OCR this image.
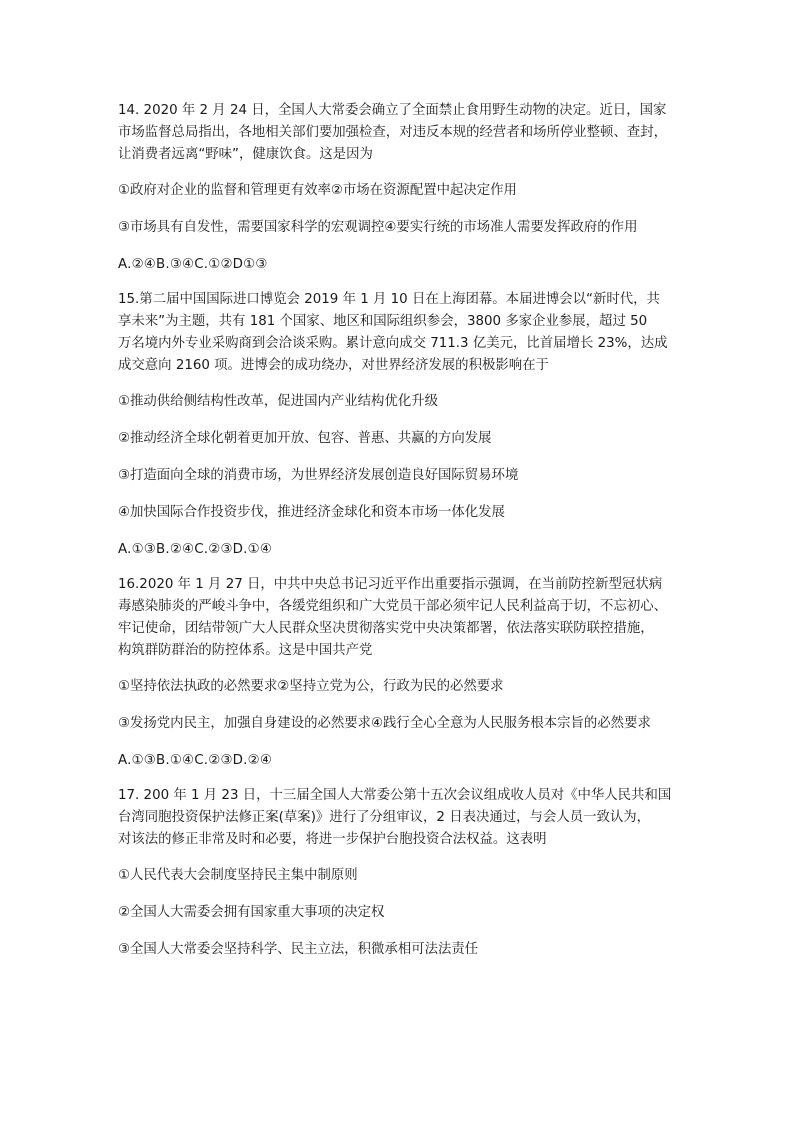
14. 2020 年 2 月 24 日，全国人大常委会确立了全面禁止食用野生动物的决定。近日，国家
市场监督总局指出，各地相关部们要加强检查，对违反本规的经营者和场所停业整顿、查封，
让消费者远离“野味”，健康饮食。这是因为

①政府对企业的监督和管理更有效率②市场在资源配置中起决定作用

③市场具有自发性，需要国家科学的宏观调控④要实行统的市场准人需要发挥政府的作用

A.②④B.③④C.①②D①③

15.第二届中国国际进口博览会 2019 年 1 月 10 日在上海团幕。本届进博会以“新时代，共
享未来”为主题，共有 181 个国家、地区和国际组织参会，3800 多家企业参展，超过 50
万名境内外专业采购商到会洽谈采购。累计意向成交 711.3 亿美元，比首届增长 23%，达成
成交意向 2160 项。进博会的成功绕办，对世界经济发展的积极影响在于

①推动供给侧结构性改革，促进国内产业结构优化升级

②推动经济全球化朝着更加开放、包容、普惠、共赢的方向发展

③打造面向全球的消费市场，为世界经济发展创造良好国际贸易环境

④加快国际合作投资步伐，推进经济金球化和资本市场一体化发展

A.①③B.②④C.②③D.①④

16.2020 年 1 月 27 日，中共中央总书记习近平作出重要指示强调，在当前防控新型冠状病
毒感染肺炎的严峻斗争中，各缓党组织和广大党员干部必须牢记人民利益高于切，不忘初心、
牢记使命，团结带领广大人民群众坚决贯彻落实党中央决策都署，依法落实联防联控措施，
构筑群防群治的防控体系。这是中国共产党

①坚持依法执政的必然要求②坚持立党为公，行政为民的必然要求

③发扬党内民主，加强自身建设的必然要求④践行全心全意为人民服务根本宗旨的必然要求

A.①③B.①④C.②③D.②④

17. 200 年 1 月 23 日，十三届全国人大常委公第十五次会议组成收人员对《中华人民共和国
台湾同胞投资保护法修正案(草案)》进行了分组审议，2 日表决通过，与会人员一致认为，
对该法的修正非常及时和必要，将进一步保护台胞投资合法权益。这表明

①人民代表大会制度坚持民主集中制原则

②全国人大需委会拥有国家重大事项的决定权

③全国人大常委会坚持科学、民主立法，积微承相可法法责任
